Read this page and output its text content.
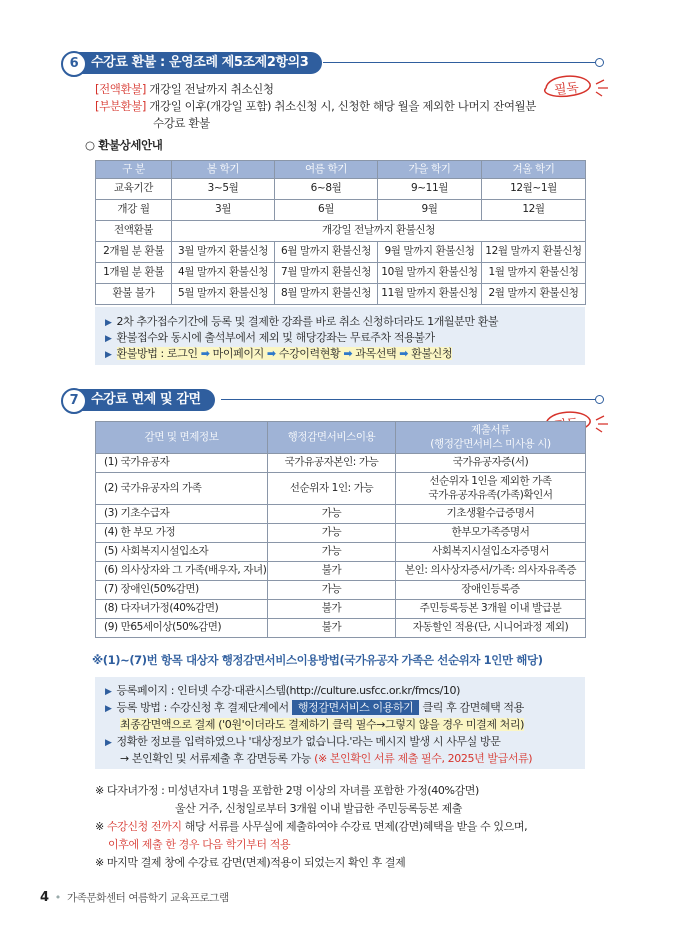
6 수강료 환불 : 운영조례 제5조제2항의3
[전액환불] 개강일 전날까지 취소신청
[부분환불] 개강일 이후(개강일 포함) 취소신청 시, 신청한 해당 월을 제외한 나머지 잔여월분
수강료 환불
필독
○ 환불상세안내
구 분	봄 학기	여름 학기	가을 학기	겨울 학기
교육기간	3~5월	6~8월	9~11월	12월~1월
개강 월	3월	6월	9월	12월
전액환불	개강일 전날까지 환불신청			
2개월 분 환불	3월 말까지 환불신청	6월 말까지 환불신청	9월 말까지 환불신청	12월 말까지 환불신청
1개월 분 환불	4월 말까지 환불신청	7월 말까지 환불신청	10월 말까지 환불신청	1월 말까지 환불신청
환불 불가	5월 말까지 환불신청	8월 말까지 환불신청	11월 말까지 환불신청	2월 말까지 환불신청
▶ 2차 추가접수기간에 등록 및 결제한 강좌를 바로 취소 신청하더라도 1개월분만 환불
▶ 환불접수와 동시에 출석부에서 제외 및 해당강좌는 무료주차 적용불가
▶ 환불방법 : 로그인 ➡ 마이페이지 ➡ 수강이력현황 ➡ 과목선택 ➡ 환불신청
7 수강료 면제 및 감면
감면 및 면제정보	행정감면서비스이용	제출서류
(행정감면서비스 미사용 시)
(1) 국가유공자	국가유공자본인: 가능	국가유공자증(서)
(2) 국가유공자의 가족	선순위자 1인: 가능	선순위자 1인을 제외한 가족
국가유공자유족(가족)확인서
(3) 기초수급자	가능	기초생활수급증명서
(4) 한 부모 가정	가능	한부모가족증명서
(5) 사회복지시설입소자	가능	사회복지시설입소자증명서
(6) 의사상자와 그 가족(배우자, 자녀)	불가	본인: 의사상자증서/가족: 의사자유족증
(7) 장애인(50%감면)	가능	장애인등록증
(8) 다자녀가정(40%감면)	불가	주민등록등본 3개월 이내 발급분
(9) 만65세이상(50%감면)	불가	자동할인 적용(단, 시니어과정 제외)
※(1)~(7)번 항목 대상자 행정감면서비스이용방법(국가유공자 가족은 선순위자 1인만 해당)
▶ 등록페이지 : 인터넷 수강·대관시스템(http://culture.usfcc.or.kr/fmcs/10)
▶ 등록 방법 : 수강신청 후 결제단계에서 행정감면서비스 이용하기 클릭 후 감면혜택 적용
최종감면액으로 결제 ('0원'이더라도 결제하기 클릭 필수→그렇지 않을 경우 미결제 처리)
▶ 정확한 정보를 입력하였으나 '대상정보가 없습니다.'라는 메시지 발생 시 사무실 방문
→ 본인확인 및 서류제출 후 감면등록 가능 (※ 본인확인 서류 제출 필수, 2025년 발급서류)
※ 다자녀가정 : 미성년자녀 1명을 포함한 2명 이상의 자녀를 포함한 가정(40%감면)
울산 거주, 신청일로부터 3개월 이내 발급한 주민등록등본 제출
※ 수강신청 전까지 해당 서류를 사무실에 제출하여야 수강료 면제(감면)혜택을 받을 수 있으며,
이후에 제출 한 경우 다음 학기부터 적용
※ 마지막 결제 창에 수강료 감면(면제)적용이 되었는지 확인 후 결제
4 • 가족문화센터 여름학기 교육프로그램
